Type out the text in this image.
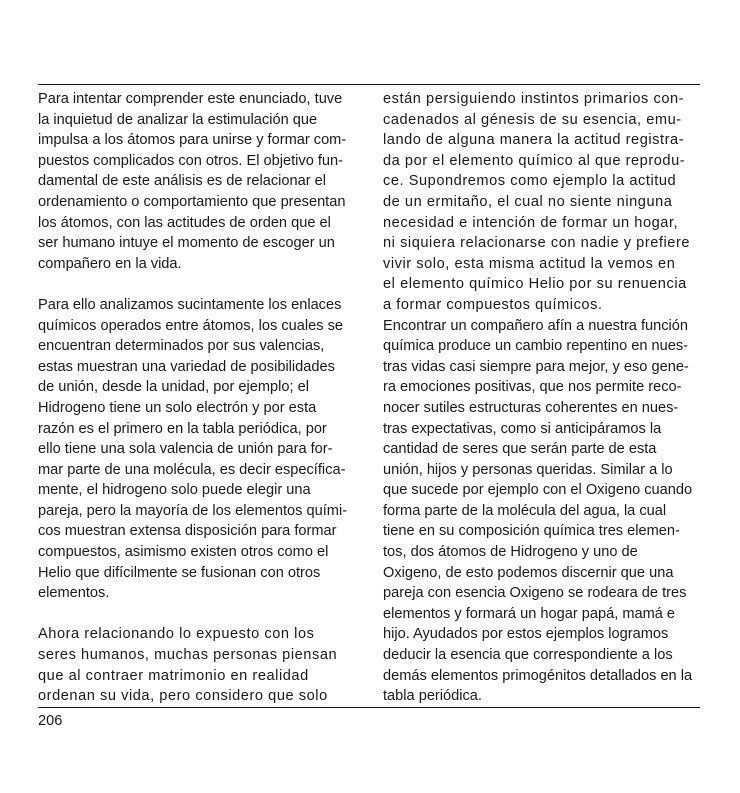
Para intentar comprender este enunciado, tuve
la inquietud de analizar la estimulación que
impulsa a los átomos para unirse y formar com-
puestos complicados con otros. El objetivo fun-
damental de este análisis es de relacionar el
ordenamiento o comportamiento que presentan
los átomos, con las actitudes de orden que el
ser humano intuye el momento de escoger un
compañero en la vida.

Para ello analizamos sucintamente los enlaces
químicos operados entre átomos, los cuales se
encuentran determinados por sus valencias,
estas muestran una variedad de posibilidades
de unión, desde la unidad, por ejemplo; el
Hidrogeno tiene un solo electrón y por esta
razón es el primero en la tabla periódica, por
ello tiene una sola valencia de unión para for-
mar parte de una molécula, es decir específica-
mente, el hidrogeno solo puede elegir una
pareja, pero la mayoría de los elementos quími-
cos muestran extensa disposición para formar
compuestos, asimismo existen otros como el
Helio que difícilmente se fusionan con otros
elementos.

Ahora relacionando lo expuesto con los
seres humanos, muchas personas piensan
que al contraer matrimonio en realidad
ordenan su vida, pero considero que solo

están persiguiendo instintos primarios con-
cadenados al génesis de su esencia, emu-
lando de alguna manera la actitud registra-
da por el elemento químico al que reprodu-
ce. Supondremos como ejemplo la actitud
de un ermitaño, el cual no siente ninguna
necesidad e intención de formar un hogar,
ni siquiera relacionarse con nadie y prefiere
vivir solo, esta misma actitud la vemos en
el elemento químico Helio por su renuencia
a formar compuestos químicos.

Encontrar un compañero afín a nuestra función
química produce un cambio repentino en nues-
tras vidas casi siempre para mejor, y eso gene-
ra emociones positivas, que nos permite reco-
nocer sutiles estructuras coherentes en nues-
tras expectativas, como si anticipáramos la
cantidad de seres que serán parte de esta
unión, hijos y personas queridas. Similar a lo
que sucede por ejemplo con el Oxigeno cuando
forma parte de la molécula del agua, la cual
tiene en su composición química tres elemen-
tos, dos átomos de Hidrogeno y uno de
Oxigeno, de esto podemos discernir que una
pareja con esencia Oxigeno se rodeara de tres
elementos y formará un hogar papá, mamá e
hijo. Ayudados por estos ejemplos logramos
deducir la esencia que correspondiente a los
demás elementos primogénitos detallados en la
tabla periódica.

206
